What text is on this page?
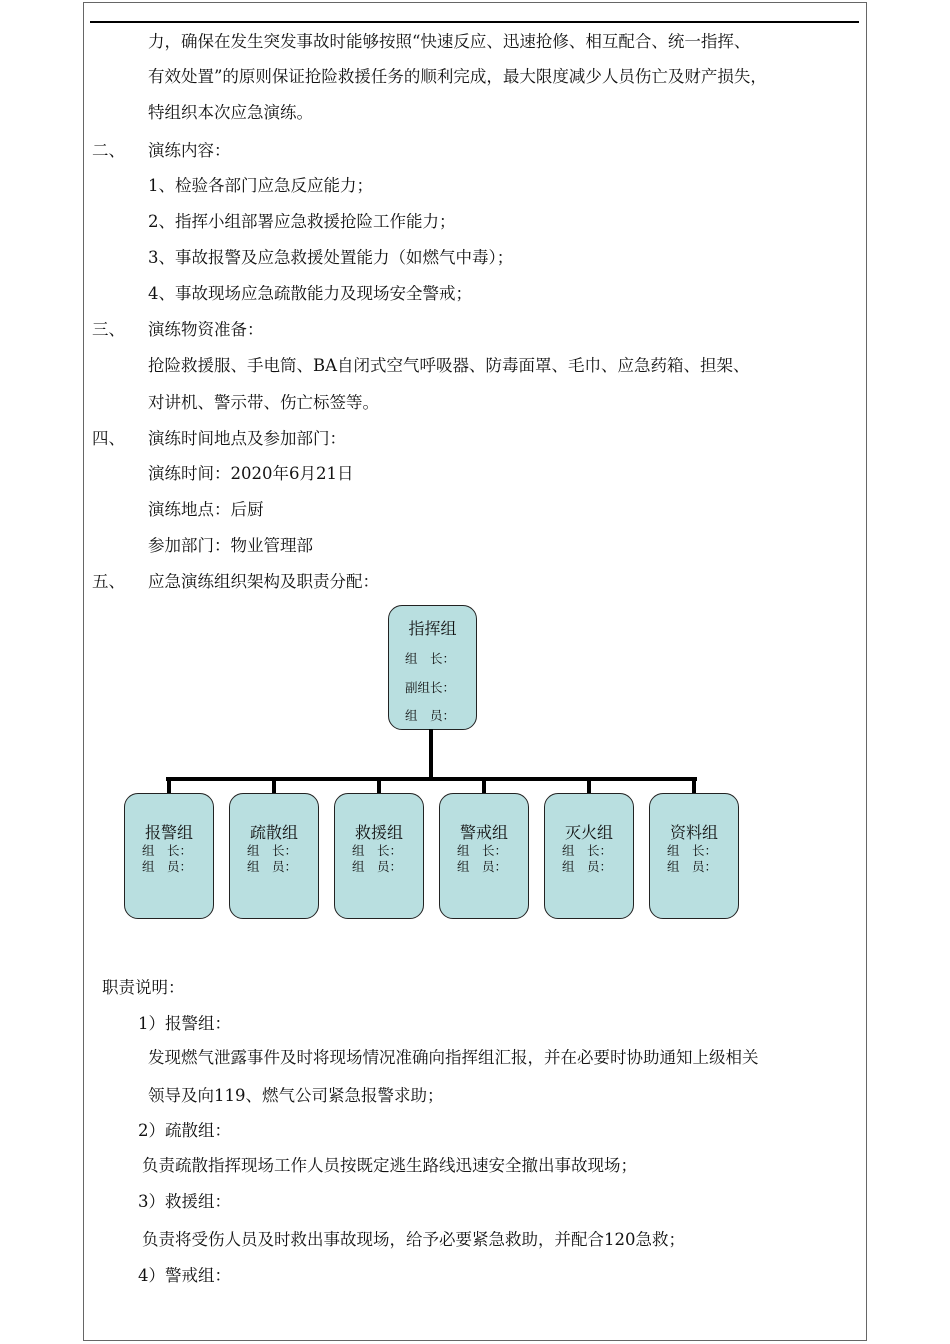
力，确保在发生突发事故时能够按照“快速反应、迅速抢修、相互配合、统一指挥、
有效处置”的原则保证抢险救援任务的顺利完成，最大限度减少人员伤亡及财产损失，
特组织本次应急演练。
二、 演练内容：
1、检验各部门应急反应能力；
2、指挥小组部署应急救援抢险工作能力；
3、事故报警及应急救援处置能力（如燃气中毒）；
4、事故现场应急疏散能力及现场安全警戒；
三、 演练物资准备：
抢险救援服、手电筒、BA自闭式空气呼吸器、防毒面罩、毛巾、应急药箱、担架、
对讲机、警示带、伤亡标签等。
四、 演练时间地点及参加部门：
演练时间：2020年6月21日
演练地点：后厨
参加部门：物业管理部
五、 应急演练组织架构及职责分配：
指挥组
组　长：
副组长：
组　员：
报警组
组　长：
组　员：
疏散组
组　长：
组　员：
救援组
组　长：
组　员：
警戒组
组　长：
组　员：
灭火组
组　长：
组　员：
资料组
组　长：
组　员：
职责说明：
1）报警组：
发现燃气泄露事件及时将现场情况准确向指挥组汇报，并在必要时协助通知上级相关
领导及向119、燃气公司紧急报警求助；
2）疏散组：
负责疏散指挥现场工作人员按既定逃生路线迅速安全撤出事故现场；
3）救援组：
负责将受伤人员及时救出事故现场，给予必要紧急救助，并配合120急救；
4）警戒组：
